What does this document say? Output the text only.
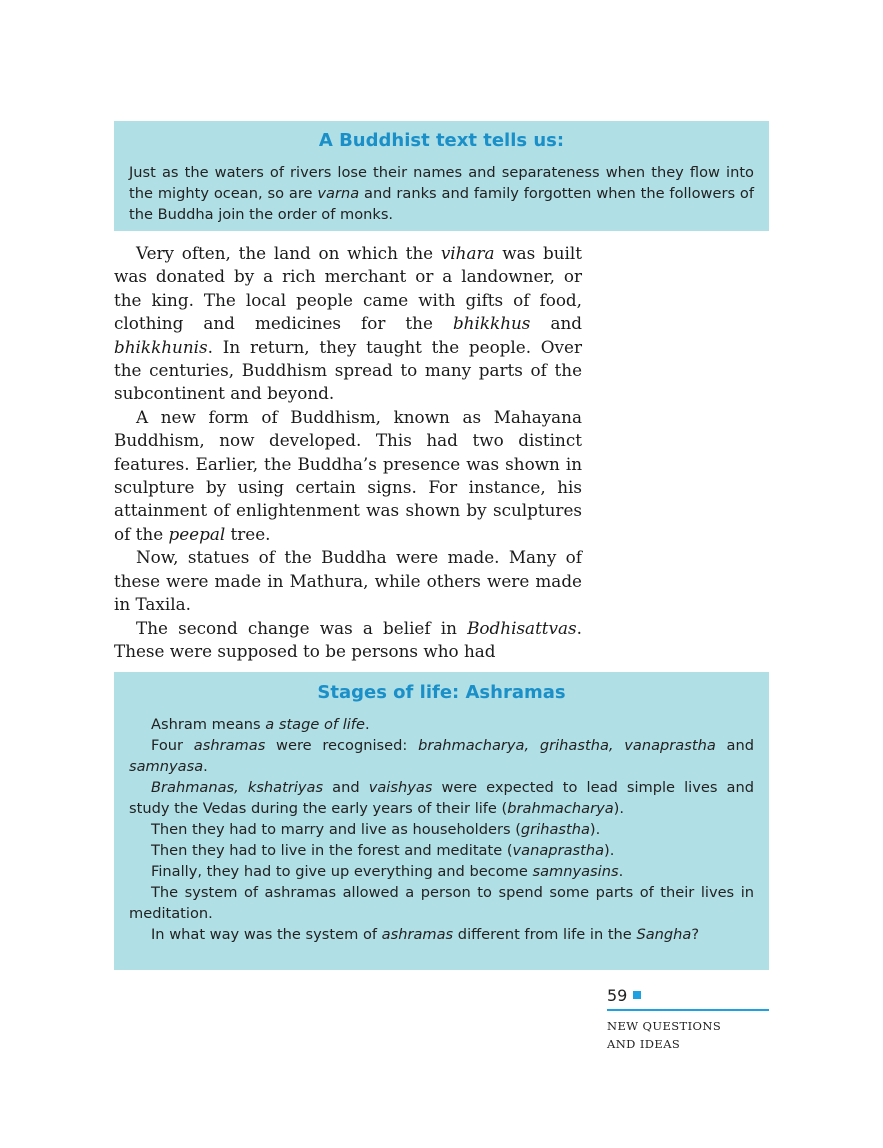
A Buddhist text tells us:

Just as the waters of rivers lose their names and separateness when they flow into the mighty ocean, so are varna and ranks and family forgotten when the followers of the Buddha join the order of monks.

Very often, the land on which the vihara was built was donated by a rich merchant or a landowner, or the king. The local people came with gifts of food, clothing and medicines for the bhikkhus and bhikkhunis. In return, they taught the people. Over the centuries, Buddhism spread to many parts of the subcontinent and beyond.

A new form of Buddhism, known as Mahayana Buddhism, now developed. This had two distinct features. Earlier, the Buddha’s presence was shown in sculpture by using certain signs. For instance, his attainment of enlightenment was shown by sculptures of the peepal tree.

Now, statues of the Buddha were made. Many of these were made in Mathura, while others were made in Taxila.

The second change was a belief in Bodhisattvas. These were supposed to be persons who had

Stages of life: Ashramas

Ashram means a stage of life.

Four ashramas were recognised: brahmacharya, grihastha, vanaprastha and samnyasa.

Brahmanas, kshatriyas and vaishyas were expected to lead simple lives and study the Vedas during the early years of their life (brahmacharya).

Then they had to marry and live as householders (grihastha).

Then they had to live in the forest and meditate (vanaprastha).

Finally, they had to give up everything and become samnyasins.

The system of ashramas allowed a person to spend some parts of their lives in meditation.

In what way was the system of ashramas different from life in the Sangha?

59
NEW QUESTIONS
AND IDEAS
